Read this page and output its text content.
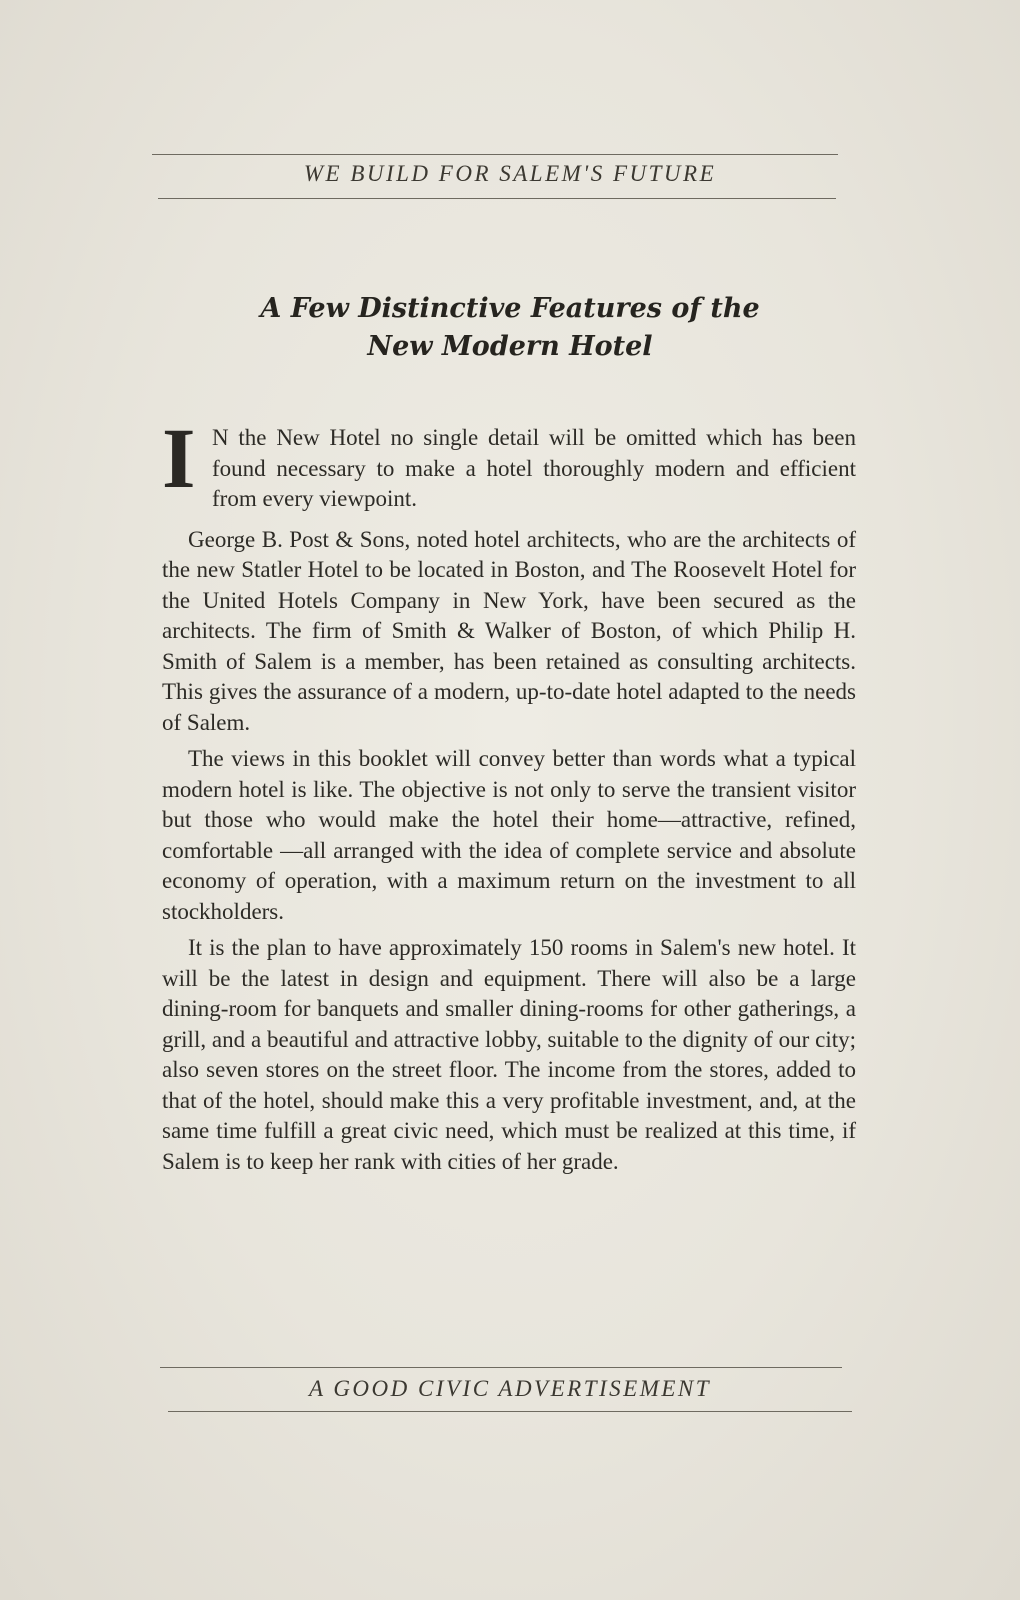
WE BUILD FOR SALEM'S FUTURE
A Few Distinctive Features of the
New Modern Hotel

I N the New Hotel no single detail will be omitted which has been found necessary to make a hotel thoroughly modern and efficient from every viewpoint.

George B. Post & Sons, noted hotel architects, who are the architects of the new Statler Hotel to be located in Boston, and The Roosevelt Hotel for the United Hotels Company in New York, have been secured as the architects. The firm of Smith & Walker of Boston, of which Philip H. Smith of Salem is a member, has been retained as consulting architects. This gives the assurance of a modern, up-to-date hotel adapted to the needs of Salem.

The views in this booklet will convey better than words what a typical modern hotel is like. The objective is not only to serve the transient visitor but those who would make the hotel their home—attractive, refined, comfortable —all arranged with the idea of complete service and absolute economy of operation, with a maximum return on the investment to all stockholders.

It is the plan to have approximately 150 rooms in Salem's new hotel. It will be the latest in design and equipment. There will also be a large dining-room for banquets and smaller dining-rooms for other gatherings, a grill, and a beautiful and attractive lobby, suitable to the dignity of our city; also seven stores on the street floor. The income from the stores, added to that of the hotel, should make this a very profitable investment, and, at the same time fulfill a great civic need, which must be realized at this time, if Salem is to keep her rank with cities of her grade.

A GOOD CIVIC ADVERTISEMENT
